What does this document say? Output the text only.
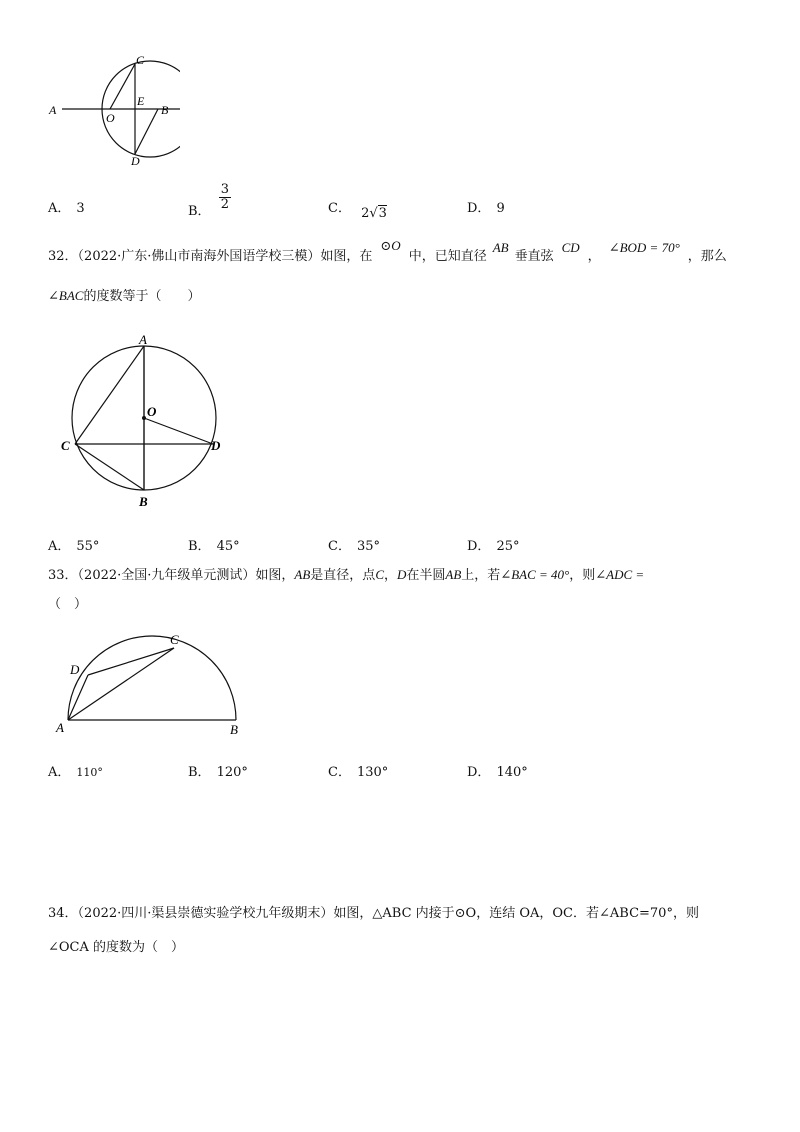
C
A
O
E
B
D
A． 3	B． $\frac{3}{2}$	C． 2√3	D． 9
32．（2022·广东·佛山市南海外国语学校三模）如图，在⊙O中，已知直径AB垂直弦CD，∠BOD = 70°，那么
∠BAC的度数等于（　　）
A
O
C	D
B
A． 55°	B． 45°	C． 35°	D． 25°
33．（2022·全国·九年级单元测试）如图，AB是直径，点C，D在半圆AB上，若∠BAC = 40°，则∠ADC =
（　）
C
D
A	B
A． 110°	B． 120°	C． 130°	D． 140°
34．（2022·四川·渠县崇德实验学校九年级期末）如图，△ABC 内接于⊙O，连结 OA，OC．若∠ABC=70°，则
∠OCA 的度数为（　）
